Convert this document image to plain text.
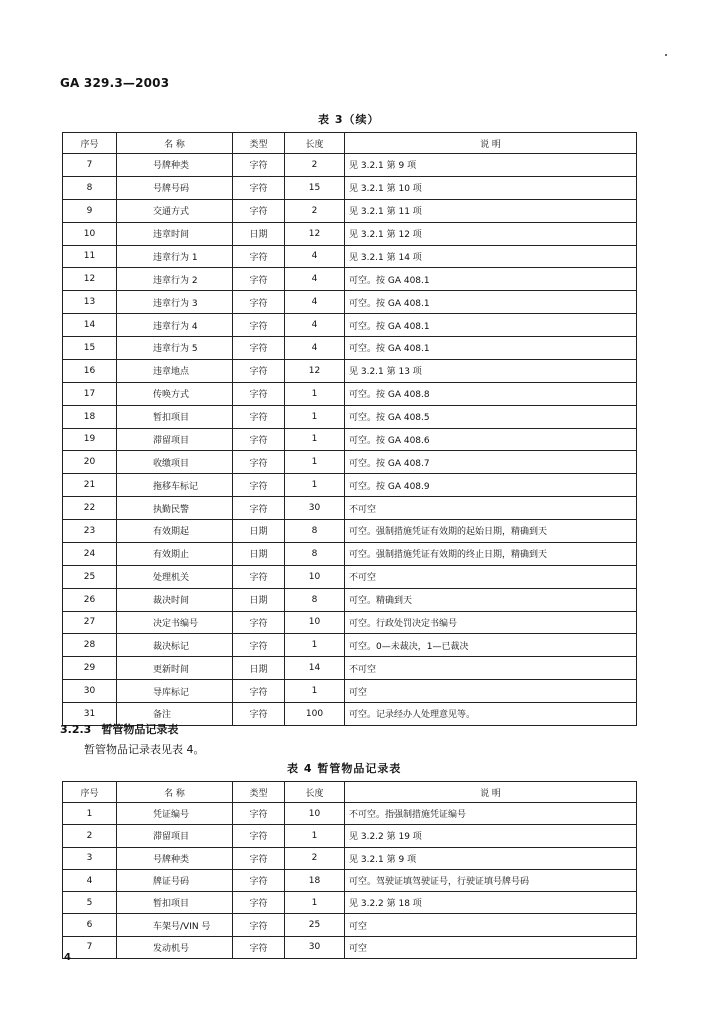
GA 329.3—2003
表 3（续）
序号	名 称	类型	长度	说 明
7	号牌种类	字符	2	见 3.2.1 第 9 项
8	号牌号码	字符	15	见 3.2.1 第 10 项
9	交通方式	字符	2	见 3.2.1 第 11 项
10	违章时间	日期	12	见 3.2.1 第 12 项
11	违章行为 1	字符	4	见 3.2.1 第 14 项
12	违章行为 2	字符	4	可空。按 GA 408.1
13	违章行为 3	字符	4	可空。按 GA 408.1
14	违章行为 4	字符	4	可空。按 GA 408.1
15	违章行为 5	字符	4	可空。按 GA 408.1
16	违章地点	字符	12	见 3.2.1 第 13 项
17	传唤方式	字符	1	可空。按 GA 408.8
18	暂扣项目	字符	1	可空。按 GA 408.5
19	滞留项目	字符	1	可空。按 GA 408.6
20	收缴项目	字符	1	可空。按 GA 408.7
21	拖移车标记	字符	1	可空。按 GA 408.9
22	执勤民警	字符	30	不可空
23	有效期起	日期	8	可空。强制措施凭证有效期的起始日期，精确到天
24	有效期止	日期	8	可空。强制措施凭证有效期的终止日期，精确到天
25	处理机关	字符	10	不可空
26	裁决时间	日期	8	可空。精确到天
27	决定书编号	字符	10	可空。行政处罚决定书编号
28	裁决标记	字符	1	可空。0—未裁决，1—已裁决
29	更新时间	日期	14	不可空
30	导库标记	字符	1	可空
31	备注	字符	100	可空。记录经办人处理意见等。
3.2.3 暂管物品记录表
暂管物品记录表见表 4。
表 4 暂管物品记录表
序号	名 称	类型	长度	说 明
1	凭证编号	字符	10	不可空。指强制措施凭证编号
2	滞留项目	字符	1	见 3.2.2 第 19 项
3	号牌种类	字符	2	见 3.2.1 第 9 项
4	牌证号码	字符	18	可空。驾驶证填驾驶证号，行驶证填号牌号码
5	暂扣项目	字符	1	见 3.2.2 第 18 项
6	车架号/VIN 号	字符	25	可空
7	发动机号	字符	30	可空
4
